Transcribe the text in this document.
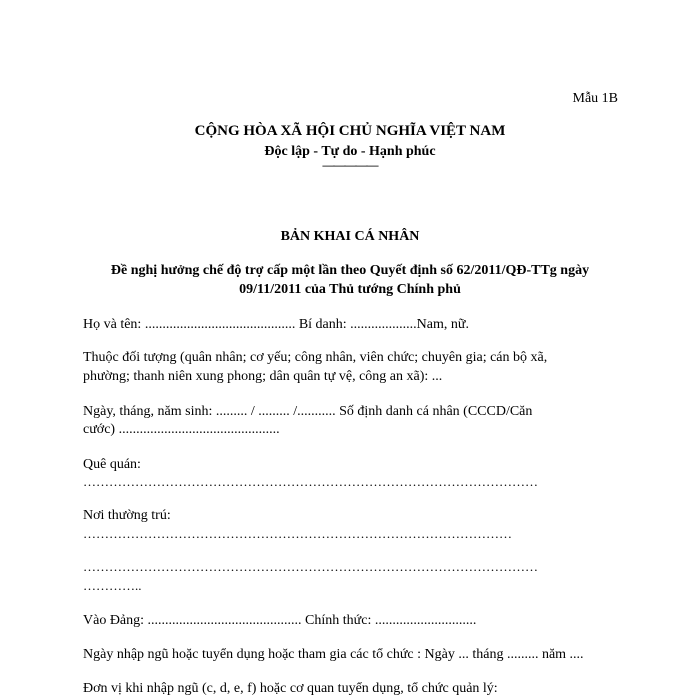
Mẫu 1B
CỘNG HÒA XÃ HỘI CHỦ NGHĨA VIỆT NAM
Độc lập - Tự do - Hạnh phúc
—————
BẢN KHAI CÁ NHÂN
Đề nghị hưởng chế độ trợ cấp một lần theo Quyết định số 62/2011/QĐ-TTg ngày
09/11/2011 của Thủ tướng Chính phủ
Họ và tên: ........................................... Bí danh: ...................Nam, nữ.
Thuộc đối tượng (quân nhân; cơ yếu; công nhân, viên chức; chuyên gia; cán bộ xã,
phường; thanh niên xung phong; dân quân tự vệ, công an xã): ...
Ngày, tháng, năm sinh: ......... / ......... /........... Số định danh cá nhân (CCCD/Căn
cước) ..............................................
Quê quán:
……………………………………………………………………………………………
Nơi thường trú:
………………………………………………………………………………………
……………………………………………………………………………………………
…………..
Vào Đảng: ............................................ Chính thức: .............................
Ngày nhập ngũ hoặc tuyển dụng hoặc tham gia các tổ chức : Ngày ... tháng ......... năm ....
Đơn vị khi nhập ngũ (c, d, e, f) hoặc cơ quan tuyển dụng, tổ chức quản lý:
